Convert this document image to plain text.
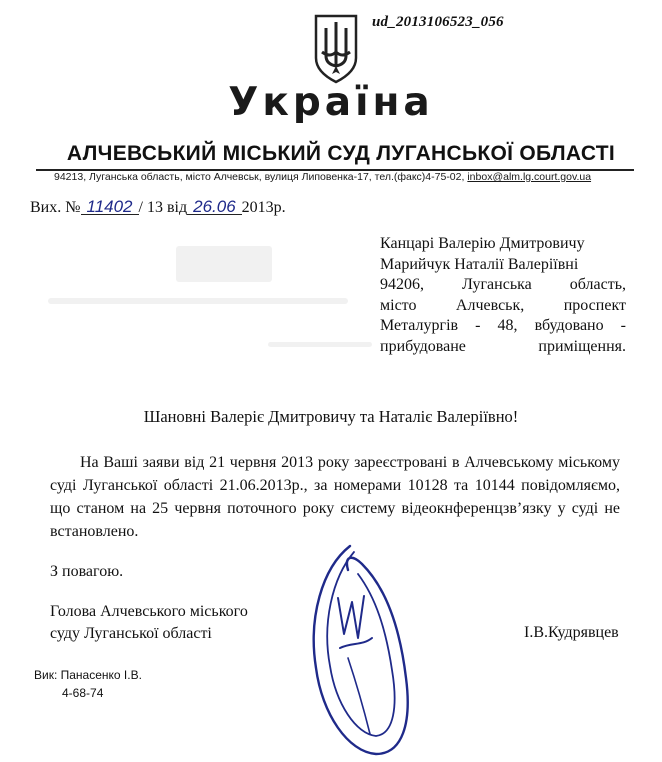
ud_2013106523_056
Україна
АЛЧЕВСЬКИЙ МІСЬКИЙ СУД ЛУГАНСЬКОЇ ОБЛАСТІ
94213, Луганська область, місто Алчевськ, вулиця Липовенка-17, тел.(факс)4-75-02, inbox@alm.lg.court.gov.ua
Вих. № 11402 / 13 від 26.06 2013р.
Канцарі Валерію Дмитровичу
Марийчук Наталії Валеріївні
94206, Луганська область,
місто Алчевськ, проспект
Металургів - 48, вбудовано -
прибудоване приміщення.
Шановні Валеріє Дмитровичу та Наталіє Валеріївно!
На Ваші заяви від 21 червня 2013 року зареєстровані в Алчевському міському суді Луганської області 21.06.2013р., за номерами 10128 та 10144 повідомляємо, що станом на 25 червня поточного року систему відеокнференцзв’язку у суді не встановлено.
З повагою.
Голова Алчевського міського
суду Луганської області	І.В.Кудрявцев
Вик: Панасенко І.В.
4-68-74
